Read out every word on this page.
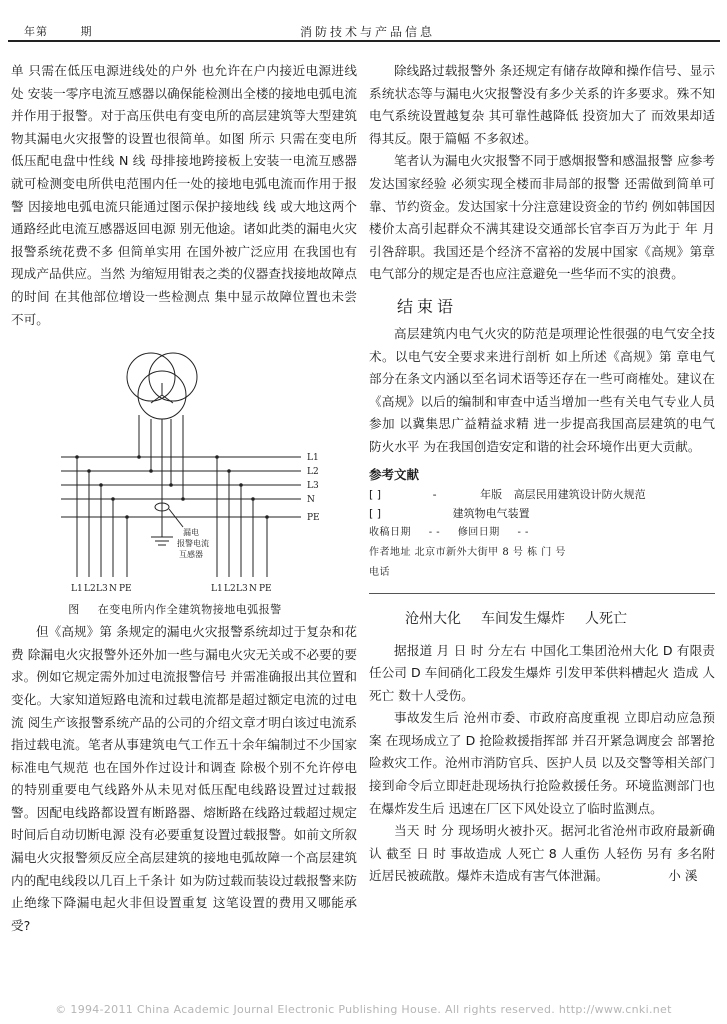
年第	期	消防技术与产品信息

单 只需在低压电源进线处的户外 也允许在户内接近电源进线处 安装一零序电流互感器以确保能检测出全楼的接地电弧电流 并作用于报警。对于高压供电有变电所的高层建筑等大型建筑物其漏电火灾报警的设置也很简单。如图 所示 只需在变电所低压配电盘中性线 N 线 母排接地跨接板上安装一电流互感器就可检测变电所供电范围内任一处的接地电弧电流而作用于报警 因接地电弧电流只能通过图示保护接地线 线 或大地这两个通路经此电流互感器返回电源 别无他途。诸如此类的漏电火灾报警系统花费不多 但简单实用 在国外被广泛应用 在我国也有现成产品供应。当然 为缩短用钳表之类的仪器查找接地故障点的时间 在其他部位增设一些检测点 集中显示故障位置也未尝不可。

L1
L2
L3
N
PE
漏电
报警电流
互感器
L1 L2 L3 N PE	L1 L2 L3 N PE
图 在变电所内作全建筑物接地电弧报警

但《高规》第 条规定的漏电火灾报警系统却过于复杂和花费 除漏电火灾报警外还外加一些与漏电火灾无关或不必要的要求。例如它规定需外加过电流报警信号 并需准确报出其位置和变化。大家知道短路电流和过载电流都是超过额定电流的过电流 阅生产该报警系统产品的公司的介绍文章才明白该过电流系指过载电流。笔者从事建筑电气工作五十余年编制过不少国家标准电气规范 也在国外作过设计和调查 除极个别不允许停电的特别重要电气线路外从未见对低压配电线路设置过过载报警。因配电线路都设置有断路器、熔断路在线路过载超过规定时间后自动切断电源 没有必要重复设置过载报警。如前文所叙 漏电火灾报警须反应全高层建筑的接地电弧故障一个高层建筑内的配电线段以几百上千条计 如为防过载而装设过载报警来防止绝缘下降漏电起火非但设置重复 这笔设置的费用又哪能承受?

除线路过载报警外 条还规定有储存故障和操作信号、显示系统状态等与漏电火灾报警没有多少关系的许多要求。殊不知电气系统设置越复杂 其可靠性越降低 投资加大了 而效果却适得其反。限于篇幅 不多叙述。

笔者认为漏电火灾报警不同于感烟报警和感温报警 应参考发达国家经验 必须实现全楼而非局部的报警 还需做到简单可靠、节约资金。发达国家十分注意建设资金的节约 例如韩国因楼价太高引起群众不满其建设交通部长官李百万为此于 年 月引咎辞职。我国还是个经济不富裕的发展中国家《高规》第章电气部分的规定是否也应注意避免一些华而不实的浪费。

结束语

高层建筑内电气火灾的防范是项理论性很强的电气安全技术。以电气安全要求来进行剖析 如上所述《高规》第 章电气部分在条文内涵以至名词术语等还存在一些可商榷处。建议在《高规》以后的编制和审查中适当增加一些有关电气专业人员参加 以冀集思广益精益求精 进一步提高我国高层建筑的电气防火水平 为在我国创造安定和谐的社会环境作出更大贡献。

参考文献
[ ]	-	年版 高层民用建筑设计防火规范
[ ]	建筑物电气装置
收稿日期 - - 修回日期 - -
作者地址 北京市新外大街甲 8 号 栋 门 号
电话
沧州大化 车间发生爆炸 人死亡

据报道 月 日 时 分左右 中国化工集团沧州大化 D 有限责任公司 D 车间硝化工段发生爆炸 引发甲苯供料槽起火 造成 人死亡 数十人受伤。

事故发生后 沧州市委、市政府高度重视 立即启动应急预案 在现场成立了 D 抢险救援指挥部 并召开紧急调度会 部署抢险救灾工作。沧州市消防官兵、医护人员 以及交警等相关部门接到命令后立即赶赴现场执行抢险救援任务。环境监测部门也在爆炸发生后 迅速在厂区下风处设立了临时监测点。

当天 时 分 现场明火被扑灭。据河北省沧州市政府最新确认 截至 日 时 事故造成 人死亡 8 人重伤 人轻伤 另有 多名附近居民被疏散。爆炸未造成有害气体泄漏。	小 溪

© 1994-2011 China Academic Journal Electronic Publishing House. All rights reserved. http://www.cnki.net
